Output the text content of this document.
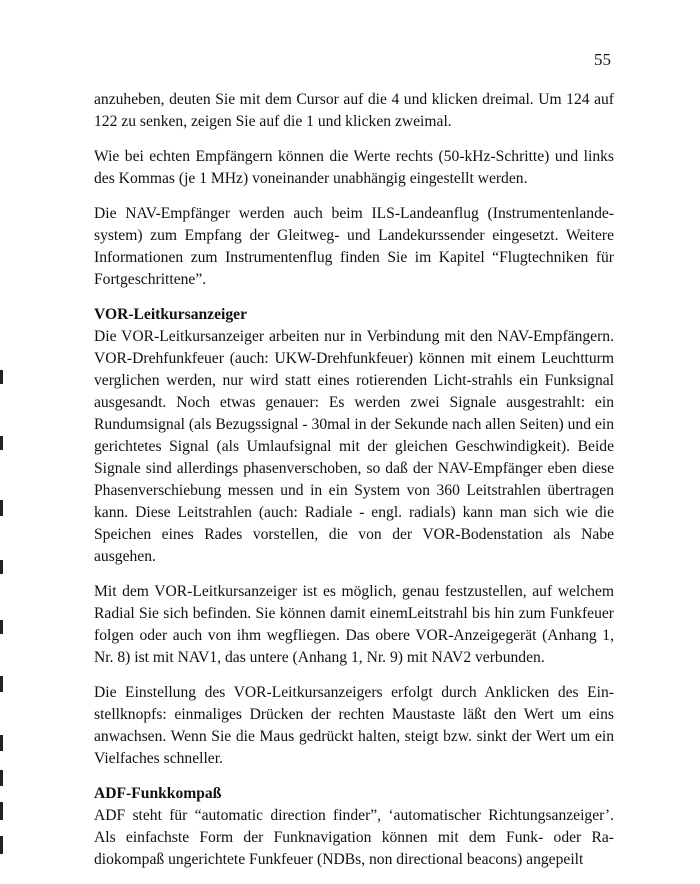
55

anzuheben, deuten Sie mit dem Cursor auf die 4 und klicken dreimal. Um 124 auf 122 zu senken, zeigen Sie auf die 1 und klicken zweimal.

Wie bei echten Empfängern können die Werte rechts (50-kHz-Schritte) und links des Kommas (je 1 MHz) voneinander unabhängig eingestellt werden.

Die NAV-Empfänger werden auch beim ILS-Landeanflug (Instrumentenlande-system) zum Empfang der Gleitweg- und Landekurssender eingesetzt. Weitere Informationen zum Instrumentenflug finden Sie im Kapitel “Flugtechniken für Fortgeschrittene”.

VOR-Leitkursanzeiger

Die VOR-Leitkursanzeiger arbeiten nur in Verbindung mit den NAV-Empfängern. VOR-Drehfunkfeuer (auch: UKW-Drehfunkfeuer) können mit einem Leuchtturm verglichen werden, nur wird statt eines rotierenden Licht-strahls ein Funksignal ausgesandt. Noch etwas genauer: Es werden zwei Signale ausgestrahlt: ein Rundumsignal (als Bezugssignal - 30mal in der Sekunde nach allen Seiten) und ein gerichtetes Signal (als Umlaufsignal mit der gleichen Geschwindigkeit). Beide Signale sind allerdings phasenverschoben, so daß der NAV-Empfänger eben diese Phasenverschiebung messen und in ein System von 360 Leitstrahlen übertragen kann. Diese Leitstrahlen (auch: Radiale - engl. radials) kann man sich wie die Speichen eines Rades vorstellen, die von der VOR-Bodenstation als Nabe ausgehen.

Mit dem VOR-Leitkursanzeiger ist es möglich, genau festzustellen, auf welchem Radial Sie sich befinden. Sie können damit einemLeitstrahl bis hin zum Funkfeuer folgen oder auch von ihm wegfliegen. Das obere VOR-Anzeigegerät (Anhang 1, Nr. 8) ist mit NAV1, das untere (Anhang 1, Nr. 9) mit NAV2 verbunden.

Die Einstellung des VOR-Leitkursanzeigers erfolgt durch Anklicken des Ein-stellknopfs: einmaliges Drücken der rechten Maustaste läßt den Wert um eins anwachsen. Wenn Sie die Maus gedrückt halten, steigt bzw. sinkt der Wert um ein Vielfaches schneller.

ADF-Funkkompaß

ADF steht für “automatic direction finder”, ‘automatischer Richtungsanzeiger’. Als einfachste Form der Funknavigation können mit dem Funk- oder Ra-diokompaß ungerichtete Funkfeuer (NDBs, non directional beacons) angepeilt
